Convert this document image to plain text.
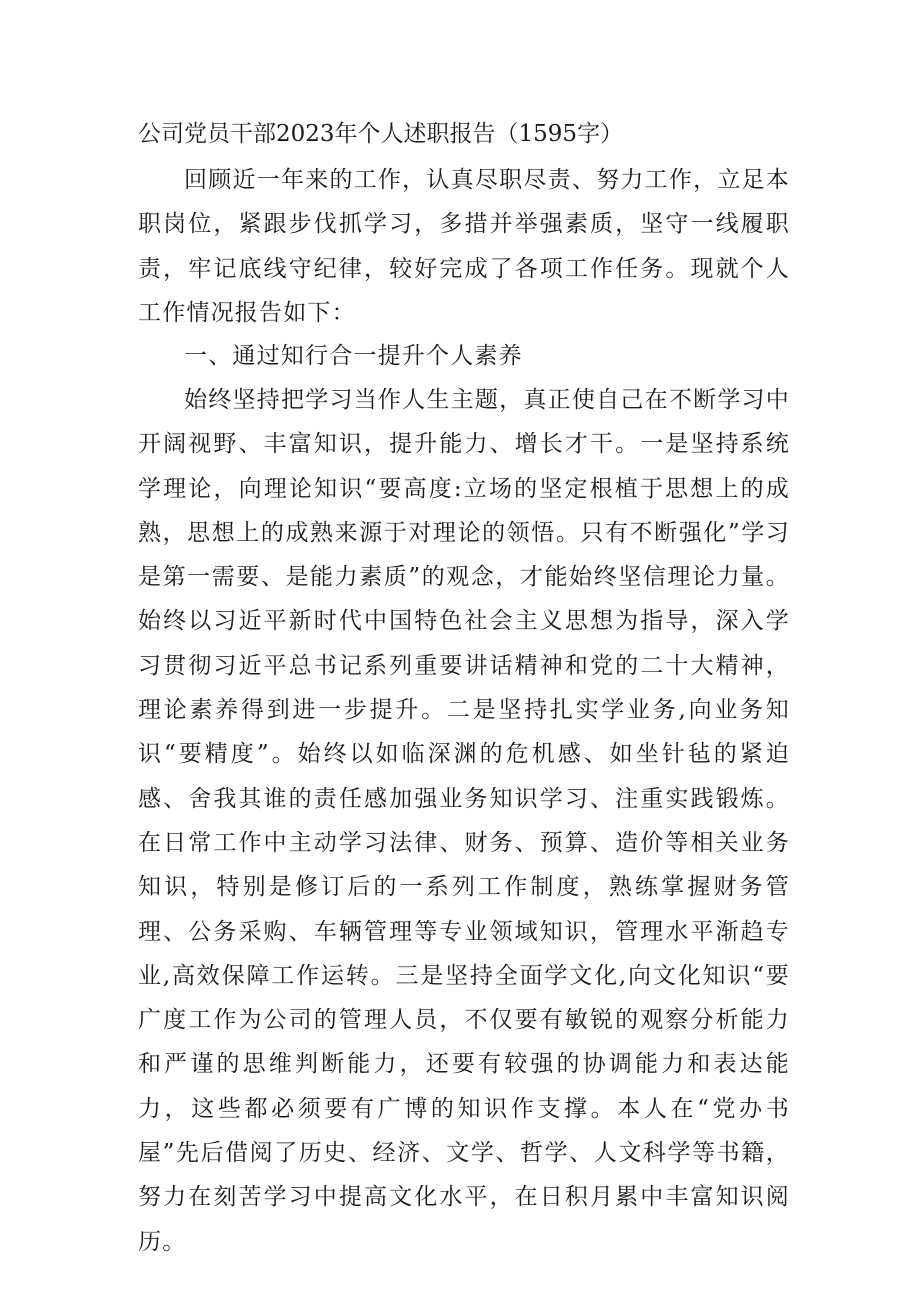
公司党员干部2023年个人述职报告（1595字）

回顾近一年来的工作，认真尽职尽责、努力工作，立足本职岗位，紧跟步伐抓学习，多措并举强素质，坚守一线履职责，牢记底线守纪律，较好完成了各项工作任务。现就个人工作情况报告如下：

一、通过知行合一提升个人素养

始终坚持把学习当作人生主题，真正使自己在不断学习中开阔视野、丰富知识，提升能力、增长才干。一是坚持系统学理论，向理论知识“要高度:立场的坚定根植于思想上的成熟，思想上的成熟来源于对理论的领悟。只有不断强化”学习是第一需要、是能力素质”的观念，才能始终坚信理论力量。始终以习近平新时代中国特色社会主义思想为指导，深入学习贯彻习近平总书记系列重要讲话精神和党的二十大精神，理论素养得到进一步提升。二是坚持扎实学业务,向业务知识“要精度”。始终以如临深渊的危机感、如坐针毡的紧迫感、舍我其谁的责任感加强业务知识学习、注重实践锻炼。在日常工作中主动学习法律、财务、预算、造价等相关业务知识，特别是修订后的一系列工作制度，熟练掌握财务管理、公务采购、车辆管理等专业领域知识，管理水平渐趋专业,高效保障工作运转。三是坚持全面学文化,向文化知识“要广度工作为公司的管理人员，不仅要有敏锐的观察分析能力和严谨的思维判断能力，还要有较强的协调能力和表达能力，这些都必须要有广博的知识作支撑。本人在“党办书屋”先后借阅了历史、经济、文学、哲学、人文科学等书籍，努力在刻苦学习中提高文化水平，在日积月累中丰富知识阅历。
